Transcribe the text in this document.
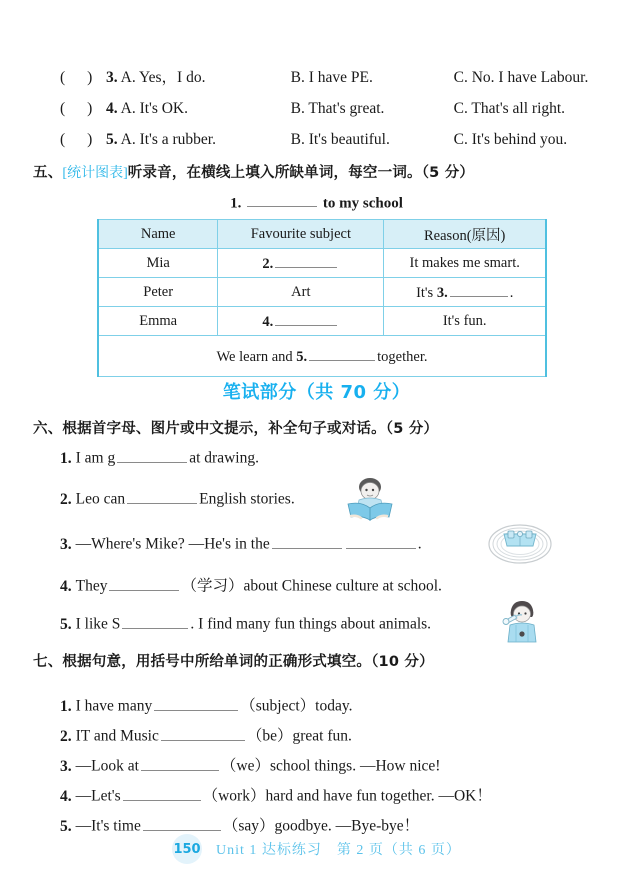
( ) 3. A. Yes，I do.	B. I have PE.	C. No. I have Labour.
( ) 4. A. It's OK.	B. That's great.	C. That's all right.
( ) 5. A. It's a rubber.	B. It's beautiful.	C. It's behind you.
五、[统计图表]听录音，在横线上填入所缺单词，每空一词。（5 分）
1.	to my school
Name	Favourite subject	Reason(原因)
Mia	2.	It makes me smart.
Peter	Art	It's 3. .
Emma	4.	It's fun.
We learn and 5. together.		
笔试部分（共 70 分）
六、根据首字母、图片或中文提示，补全句子或对话。（5 分）
1. I am g	at drawing.
2. Leo can	English stories.
3. —Where's Mike? —He's in the	.
4. They	（学习）about Chinese culture at school.
5. I like S	. I find many fun things about animals.
七、根据句意，用括号中所给单词的正确形式填空。（10 分）
1. I have many	（subject）today.
2. IT and Music	（be）great fun.
3. —Look at	（we）school things. —How nice!
4. —Let's	（work）hard and have fun together. —OK！
5. —It's time	（say）goodbye. —Bye-bye！
150 Unit 1 达标练习　第 2 页（共 6 页）
